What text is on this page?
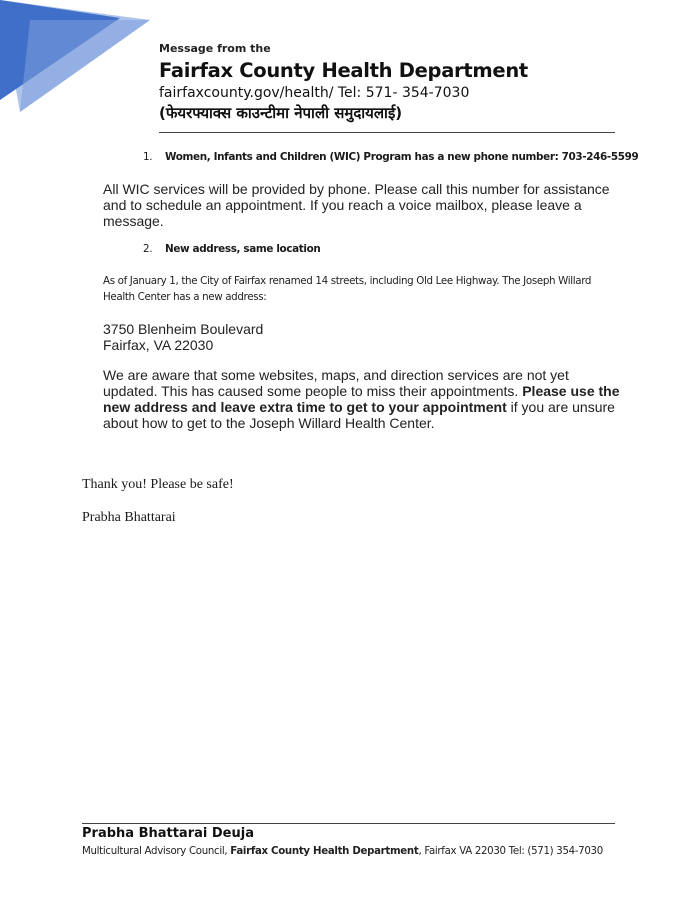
Message from the
Fairfax County Health Department
fairfaxcounty.gov/health/ Tel: 571- 354-7030
(फेयरफ्याक्स काउन्टीमा नेपाली समुदायलाई)
1. Women, Infants and Children (WIC) Program has a new phone number: 703-246-5599
All WIC services will be provided by phone. Please call this number for assistance and to schedule an appointment. If you reach a voice mailbox, please leave a message.
2. New address, same location
As of January 1, the City of Fairfax renamed 14 streets, including Old Lee Highway. The Joseph Willard Health Center has a new address:
3750 Blenheim Boulevard
Fairfax, VA 22030
We are aware that some websites, maps, and direction services are not yet updated. This has caused some people to miss their appointments. Please use the new address and leave extra time to get to your appointment if you are unsure about how to get to the Joseph Willard Health Center.
Thank you! Please be safe!
Prabha Bhattarai
Prabha Bhattarai Deuja
Multicultural Advisory Council, Fairfax County Health Department, Fairfax VA 22030 Tel: (571) 354-7030
